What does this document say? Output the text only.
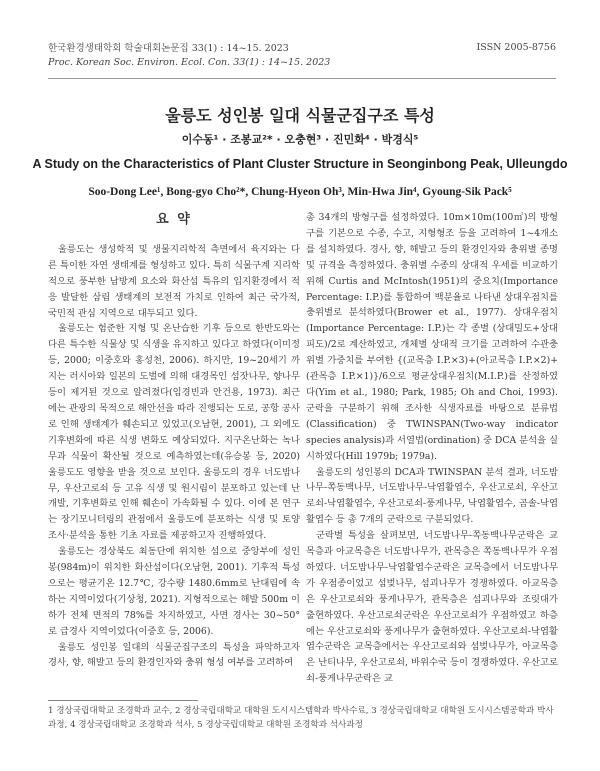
한국환경생태학회 학술대회논문집 33(1) : 14~15. 2023
Proc. Korean Soc. Environ. Ecol. Con. 33(1) : 14~15. 2023
ISSN 2005-8756
울릉도 성인봉 일대 식물군집구조 특성
이수동¹ · 조봉교²* · 오충현³ · 진민화⁴ · 박경식⁵
A Study on the Characteristics of Plant Cluster Structure in Seonginbong Peak, Ulleungdo
Soo-Dong Lee¹, Bong-gyo Cho²*, Chung-Hyeon Oh³, Min-Hwa Jin⁴, Gyoung-Sik Pack⁵
요 약

울릉도는 생성학적 및 생물지리학적 측면에서 육지와는 다른 특이한 자연 생태계를 형성하고 있다. 특히 식물구계 지리학적으로 풍부한 남방계 요소와 화산섬 특유의 입지환경에서 적응 발달한 삼림 생태계의 보전적 가치로 인하여 최근 국가적, 국민적 관심 지역으로 대두되고 있다.

울릉도는 험준한 지형 및 온난습한 기후 등으로 한반도와는 다른 특수한 식물상 및 식생을 유지하고 있다고 하였다(이미정 등, 2000; 이중호와 홍성천, 2006). 하지만, 19~20세기 까지는 러시아와 일본의 도벌에 의해 대경목인 섬잣나무, 향나무 등이 제거된 것으로 알려졌다(임경빈과 안건용, 1973). 최근에는 관광의 목적으로 해안선을 따라 진행되는 도로, 공항 공사로 인해 생태계가 훼손되고 있었고(오남현, 2001), 그 외에도 기후변화에 따른 식생 변화도 예상되었다. 지구온난화는 녹나무과 식물이 확산될 것으로 예측하였는데(유승봉 등, 2020) 울릉도도 영향을 받을 것으로 보인다. 울릉도의 경우 너도밤나무, 우산고로쇠 등 고유 식생 및 원시림이 분포하고 있는데 난개발, 기후변화로 인해 훼손이 가속화될 수 있다. 이에 본 연구는 장기모니터링의 관점에서 울릉도에 분포하는 식생 및 토양 조사·분석을 통한 기초 자료를 제공하고자 진행하였다.

울릉도는 경상북도 최동단에 위치한 섬으로 중앙부에 성인봉(984m)이 위치한 화산섬이다(오남현, 2001). 기후적 특성으로는 평균기온 12.7℃, 강수량 1480.6mm로 난대림에 속하는 지역이었다(기상청, 2021). 지형적으로는 해발 500m 이하가 전체 면적의 78%를 차지하였고, 사면 경사는 30~50° 로 급경사 지역이었다(이중호 등, 2006).

울릉도 성인봉 일대의 식물군집구조의 특성을 파악하고자 경사, 향, 해발고 등의 환경인자와 충위 형성 여부를 고려하여

총 34개의 방형구를 설정하였다. 10m×10m(100㎡)의 방형구를 기본으로 수종, 수고, 지형형조 등을 고려하여 1~4개소를 설치하였다. 경사, 향, 해발고 등의 환경인자와 충위별 종명 및 규격을 측정하였다. 충위별 수종의 상대적 우세를 비교하기 위해 Curtis and McIntosh(1951)의 중요치(Importance Percentage: I.P.)를 통합하여 백분율로 나타낸 상대우점치를 충위별로 분석하였다(Brower et al., 1977). 상대우점치(Importance Percentage: I.P.)는 각 종별 (상대밀도+상대피도)/2로 계산하였고, 개체별 상대적 크기를 고려하여 수관충위별 가중치를 부여한 {(교목층 I.P.×3)+(아교목층 I.P.×2)+(관목층 I.P.×1)}/6으로 평균상대우점치(M.I.P.)를 산정하였다(Yim et al., 1980; Park, 1985; Oh and Choi, 1993). 군락을 구분하기 위해 조사한 식생자료를 바탕으로 분류법(Classification) 중 TWINSPAN(Two-way indicator species analysis)과 서열법(ordination) 중 DCA 분석을 실시하였다(Hill 1979b; 1979a).

울릉도의 성인봉의 DCA과 TWINSPAN 분석 결과, 너도밤나무-쪽동백나무, 너도밤나무-낙엽활엽수, 우산고로쇠, 우산고로쇠-낙엽활엽수, 우산고로쇠-풍게나무, 낙엽활엽수, 곰솔-낙엽활엽수 등 총 7개의 군락으로 구분되었다.

군락별 특성을 살펴보면, 너도밤나무-쪽동백나무군락은 교목층과 아교목층은 너도밤나무가, 관목층은 쪽동백나무가 우점하였다. 너도밤나무-낙엽활엽수군락은 교목층에서 너도밤나무가 우점종이었고 섬벚나무, 섬괴나무가 경쟁하였다. 아교목층은 우산고로쇠와 풍게나무가, 관목층은 섬괴나무와 조릿대가 출현하였다. 우산고로쇠군락은 우산고로쇠가 우점하였고 하층에는 우산고로쇠와 풍게나무가 출현하였다. 우산고로쇠-낙엽활엽수군락은 교목층에서는 우산고로쇠와 섬벚나무가, 아교목층은 난티나무, 우산고로쇠, 바위수국 등이 경쟁하였다. 우산고로쇠-풍게나무군락은 교

1 경상국립대학교 조경학과 교수, 2 경상국립대학교 대학원 도시시스템학과 박사수료, 3 경상국립대학교 대학원 도시시스템공학과 박사과정, 4 경상국립대학교 조경학과 석사, 5 경상국립대학교 대학원 조경학과 석사과정
